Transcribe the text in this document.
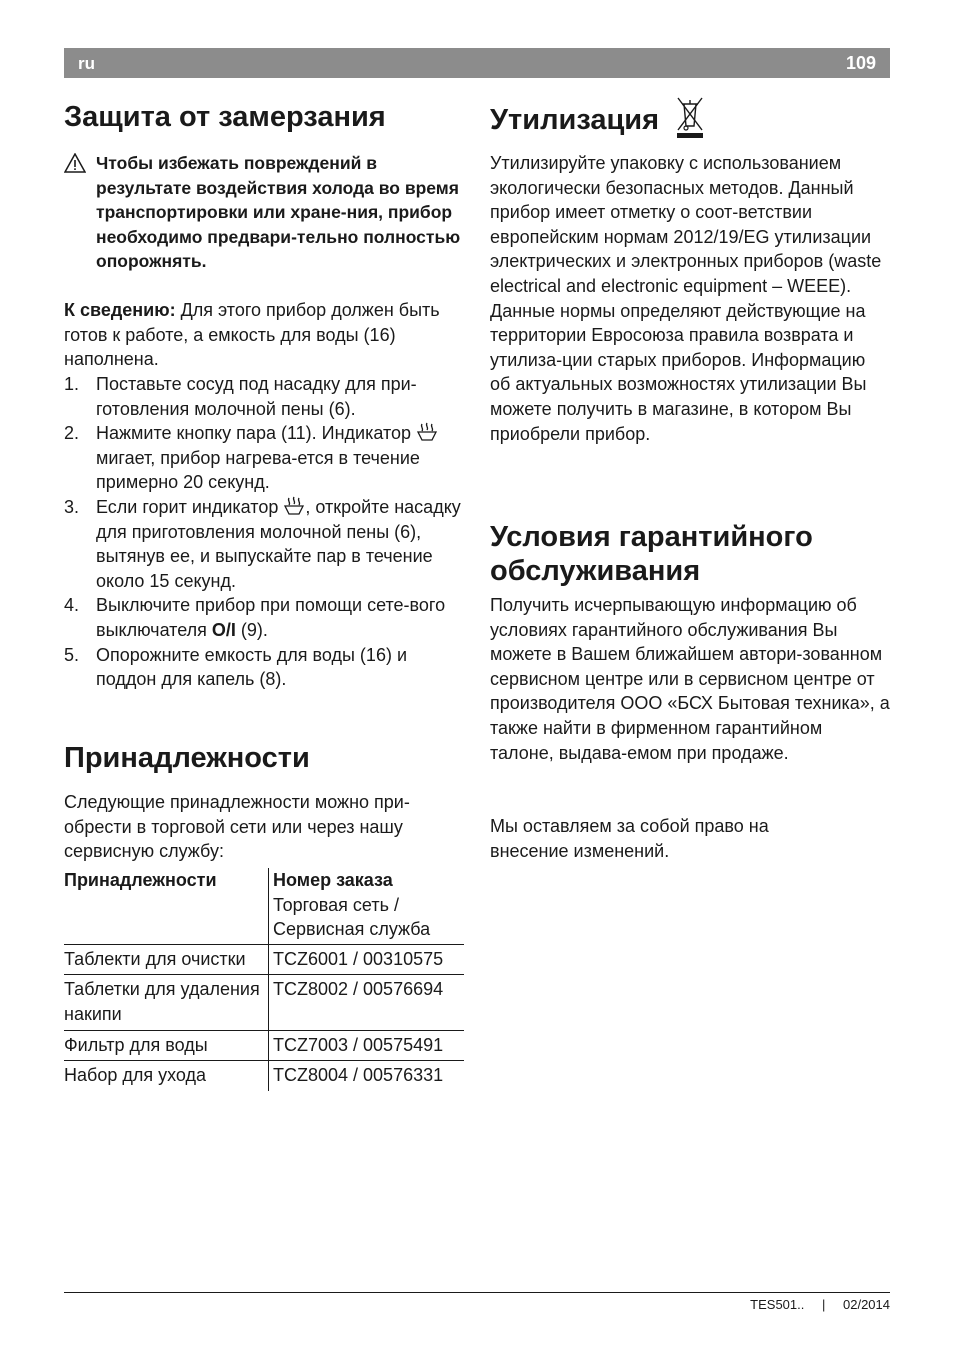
ru	109
Защита от замерзания
Чтобы избежать повреждений в результате воздействия холода во время транспортировки или хране-ния, прибор необходимо предвари-тельно полностью опорожнять.

К сведению: Для этого прибор должен быть готов к работе, а емкость для воды (16) наполнена.

1. Поставьте сосуд под насадку для при-готовления молочной пены (6).
2. Нажмите кнопку пара (11). Индикатор  мигает, прибор нагрева-ется в течение примерно 20 секунд.
3. Если горит индикатор , откройте насадку для приготовления молочной пены (6), вытянув ее, и выпускайте пар в течение около 15 секунд.
4. Выключите прибор при помощи сете-вого выключателя O/I (9).
5. Опорожните емкость для воды (16) и поддон для капель (8).
Принадлежности

Следующие принадлежности можно при-обрести в торговой сети или через нашу сервисную службу:

Принадлежности	Номер заказа
	Торговая сеть / Сервисная служба
Таблекти для очистки	TCZ6001 / 00310575
Таблетки для удаления накипи	TCZ8002 / 00576694
Фильтр для воды	TCZ7003 / 00575491
Набор для ухода	TCZ8004 / 00576331
Утилизация

Утилизируйте упаковку с использованием экологически безопасных методов. Данный прибор имеет отметку о соот-ветствии европейским нормам 2012/19/EG утилизации электрических и электронных приборов (waste electrical and electronic equipment – WEEE). Данные нормы определяют действующие на территории Евросоюза правила возврата и утилиза-ции старых приборов. Информацию об актуальных возможностях утилизации Вы можете получить в магазине, в котором Вы приобрели прибор.

Условия гарантийного обслуживания

Получить исчерпывающую информацию об условиях гарантийного обслуживания Вы можете в Вашем ближайшем автори-зованном сервисном центре или в сервисном центре от производителя ООО «БСХ Бытовая техника», а также найти в фирменном гарантийном талоне, выдава-емом при продаже.

Мы оставляем за собой право на внесение изменений.

TES501.. | 02/2014
